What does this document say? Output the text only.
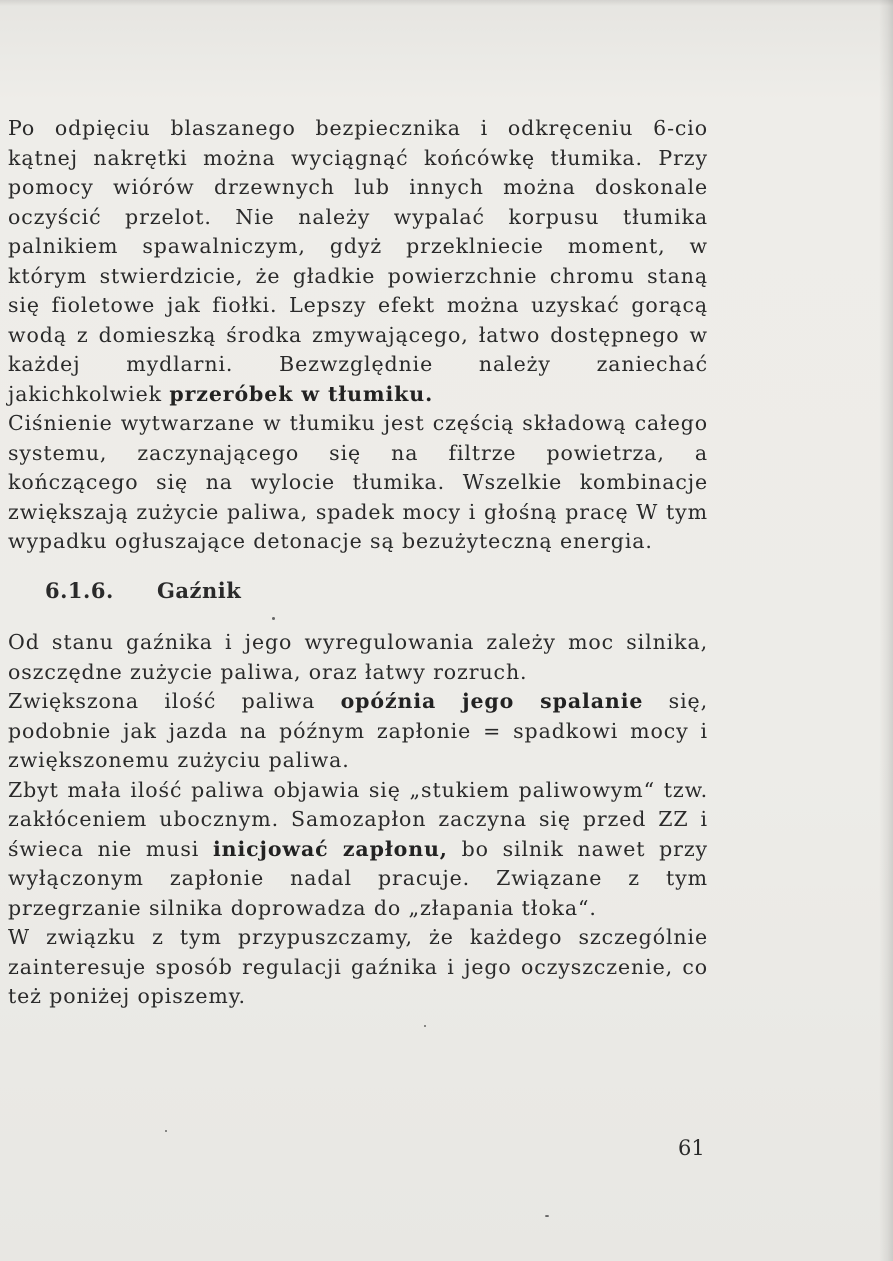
Po odpięciu blaszanego bezpiecznika i odkręceniu 6-cio kątnej nakrętki można wyciągnąć końcówkę tłumika. Przy pomocy wiórów drzewnych lub innych można doskonale oczyścić przelot. Nie należy wypalać korpusu tłumika palnikiem spawalniczym, gdyż przeklniecie moment, w którym stwierdzicie, że gładkie powierzchnie chromu staną się fioletowe jak fiołki. Lepszy efekt można uzyskać gorącą wodą z domieszką środka zmywającego, łatwo dostępnego w każdej mydlarni. Bezwzględnie należy zaniechać jakichkolwiek przeróbek w tłumiku.
Ciśnienie wytwarzane w tłumiku jest częścią składową całego systemu, zaczynającego się na filtrze powietrza, a kończącego się na wylocie tłumika. Wszelkie kombinacje zwiększają zużycie paliwa, spadek mocy i głośną pracę W tym wypadku ogłuszające detonacje są bezużyteczną energia.
6.1.6. Gaźnik
Od stanu gaźnika i jego wyregulowania zależy moc silnika, oszczędne zużycie paliwa, oraz łatwy rozruch.
Zwiększona ilość paliwa opóźnia jego spalanie się, podobnie jak jazda na późnym zapłonie = spadkowi mocy i zwiększonemu zużyciu paliwa.
Zbyt mała ilość paliwa objawia się „stukiem paliwowym“ tzw. zakłóceniem ubocznym. Samozapłon zaczyna się przed ZZ i świeca nie musi inicjować zapłonu, bo silnik nawet przy wyłączonym zapłonie nadal pracuje. Związane z tym przegrzanie silnika doprowadza do „złapania tłoka“.
W związku z tym przypuszczamy, że każdego szczególnie zainteresuje sposób regulacji gaźnika i jego oczyszczenie, co też poniżej opiszemy.
61
